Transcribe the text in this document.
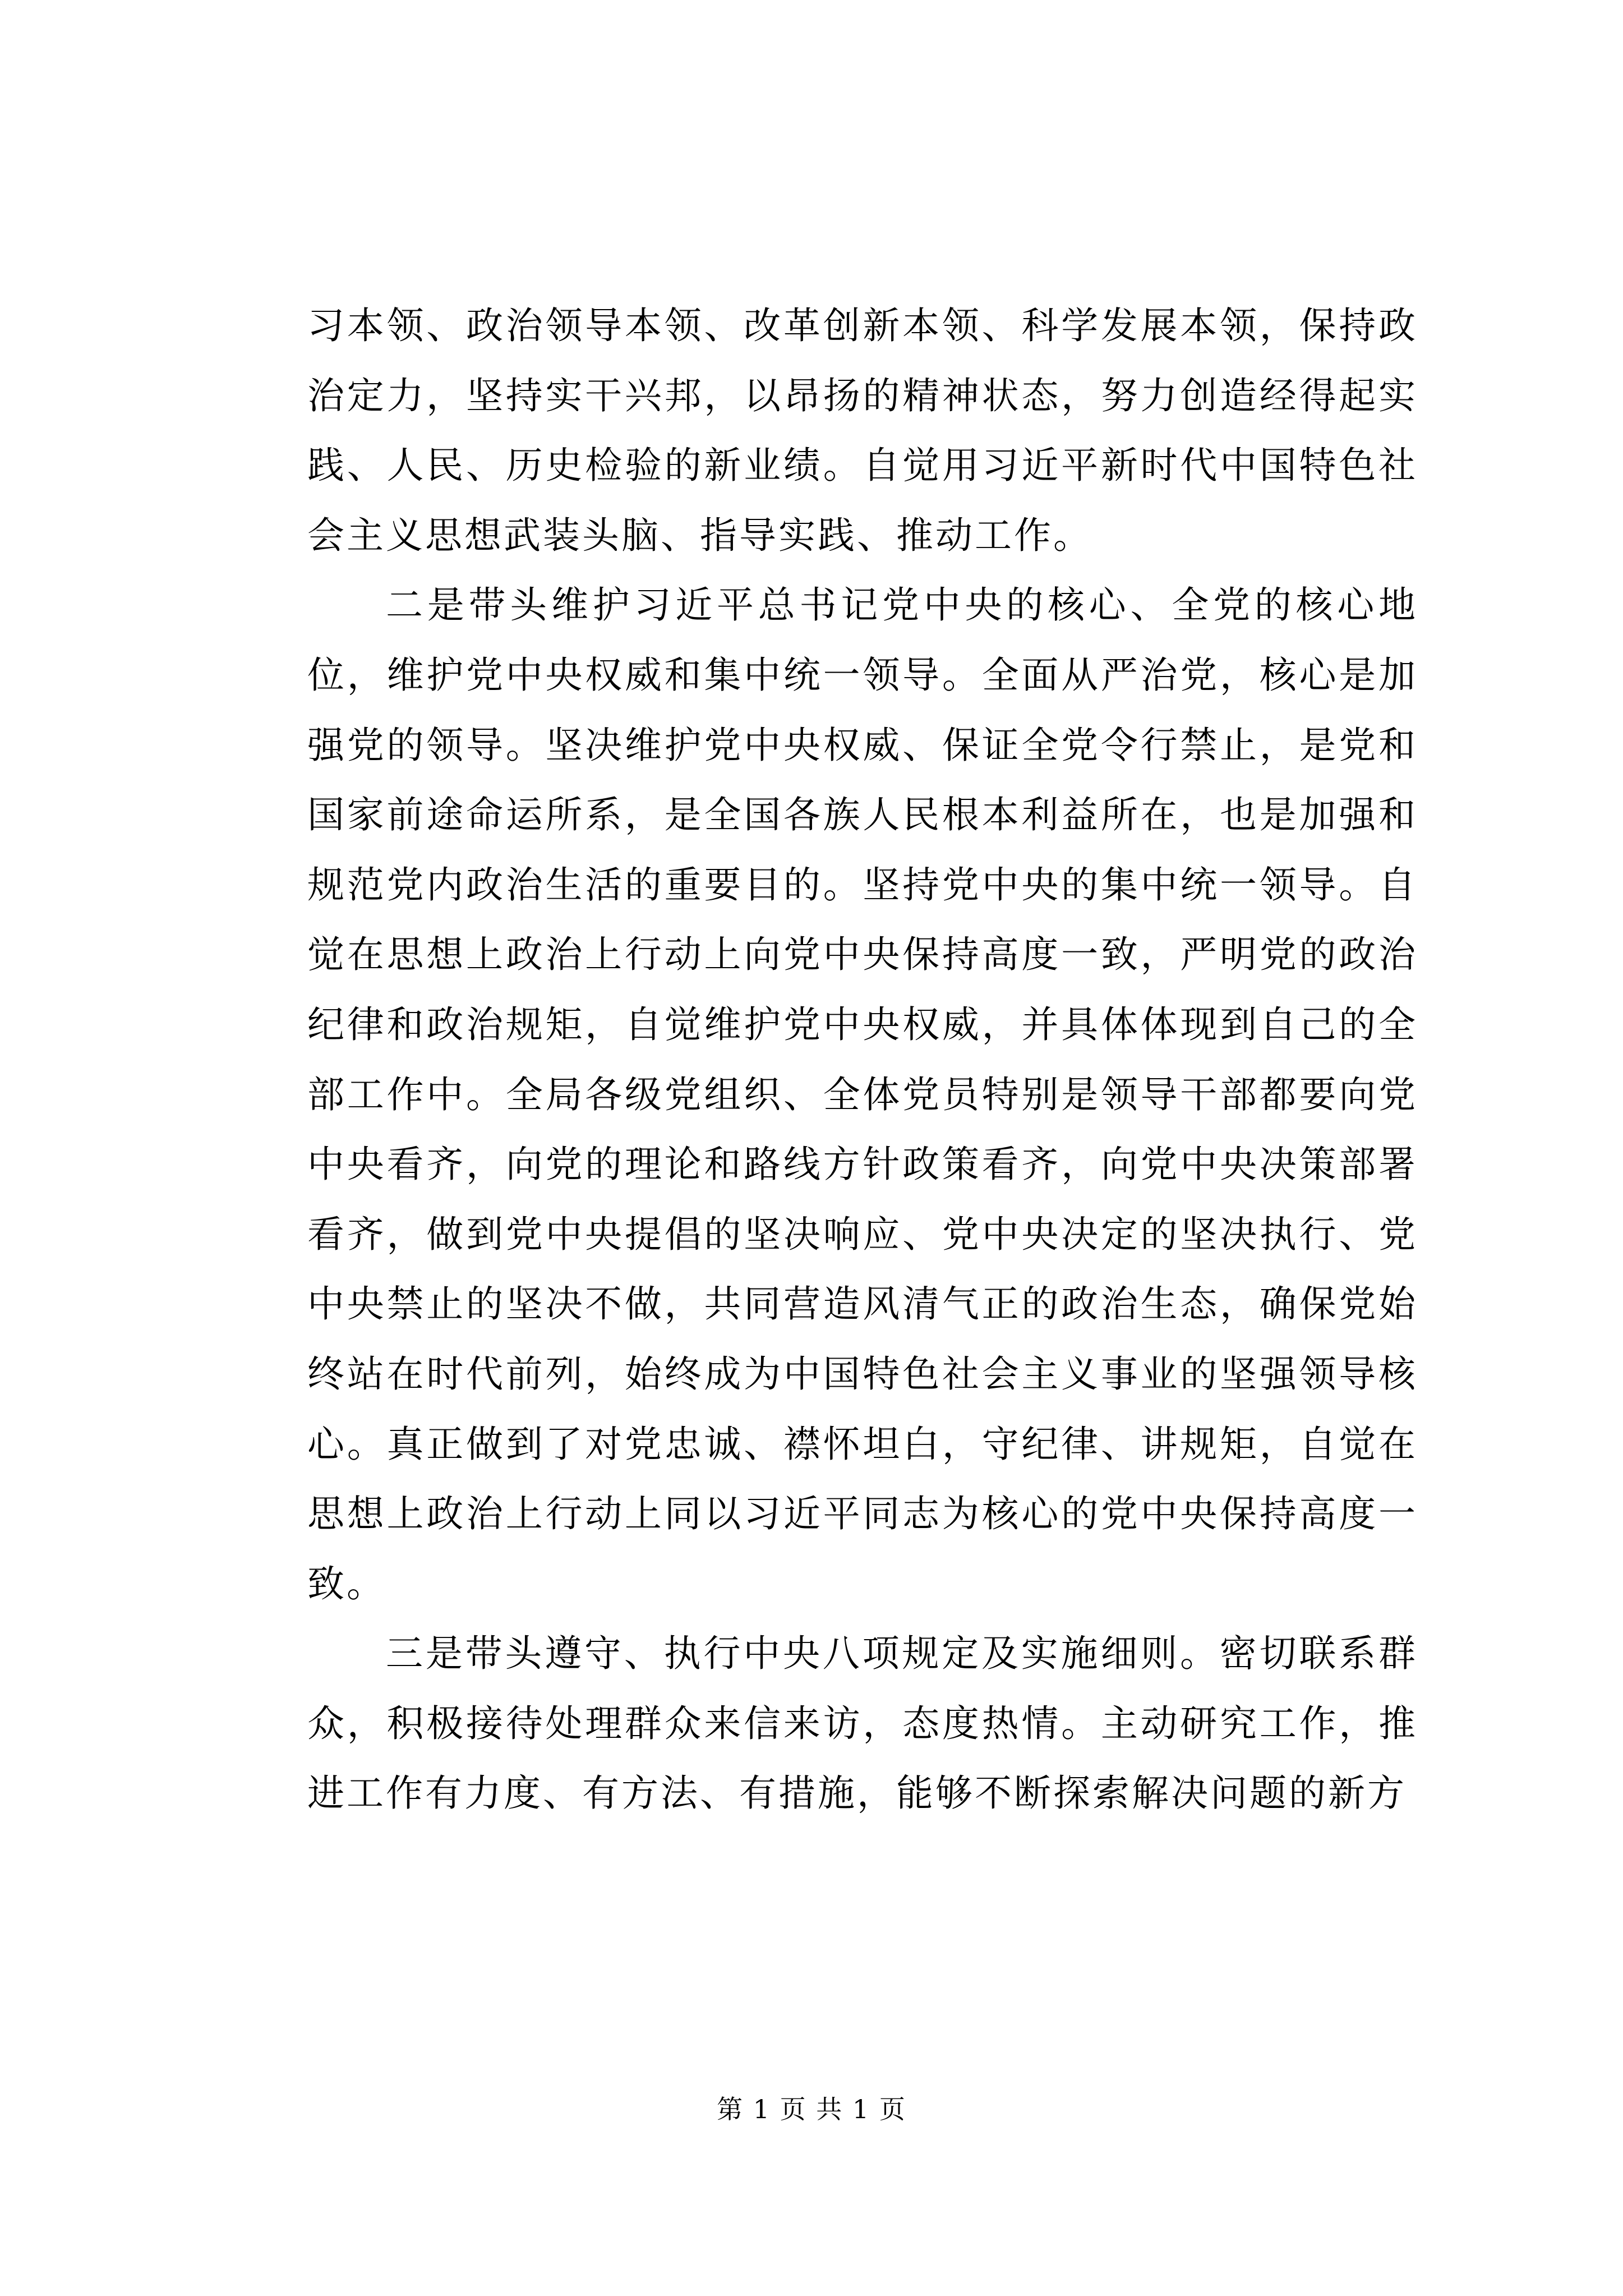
习本领、政治领导本领、改革创新本领、科学发展本领，保持政治定力，坚持实干兴邦，以昂扬的精神状态，努力创造经得起实践、人民、历史检验的新业绩。自觉用习近平新时代中国特色社会主义思想武装头脑、指导实践、推动工作。

二是带头维护习近平总书记党中央的核心、全党的核心地位，维护党中央权威和集中统一领导。全面从严治党，核心是加强党的领导。坚决维护党中央权威、保证全党令行禁止，是党和国家前途命运所系，是全国各族人民根本利益所在，也是加强和规范党内政治生活的重要目的。坚持党中央的集中统一领导。自觉在思想上政治上行动上向党中央保持高度一致，严明党的政治纪律和政治规矩，自觉维护党中央权威，并具体体现到自己的全部工作中。全局各级党组织、全体党员特别是领导干部都要向党中央看齐，向党的理论和路线方针政策看齐，向党中央决策部署看齐，做到党中央提倡的坚决响应、党中央决定的坚决执行、党中央禁止的坚决不做，共同营造风清气正的政治生态，确保党始终站在时代前列，始终成为中国特色社会主义事业的坚强领导核心。真正做到了对党忠诚、襟怀坦白，守纪律、讲规矩，自觉在思想上政治上行动上同以习近平同志为核心的党中央保持高度一致。

三是带头遵守、执行中央八项规定及实施细则。密切联系群众，积极接待处理群众来信来访，态度热情。主动研究工作，推进工作有力度、有方法、有措施，能够不断探索解决问题的新方

第 1 页 共 1 页
